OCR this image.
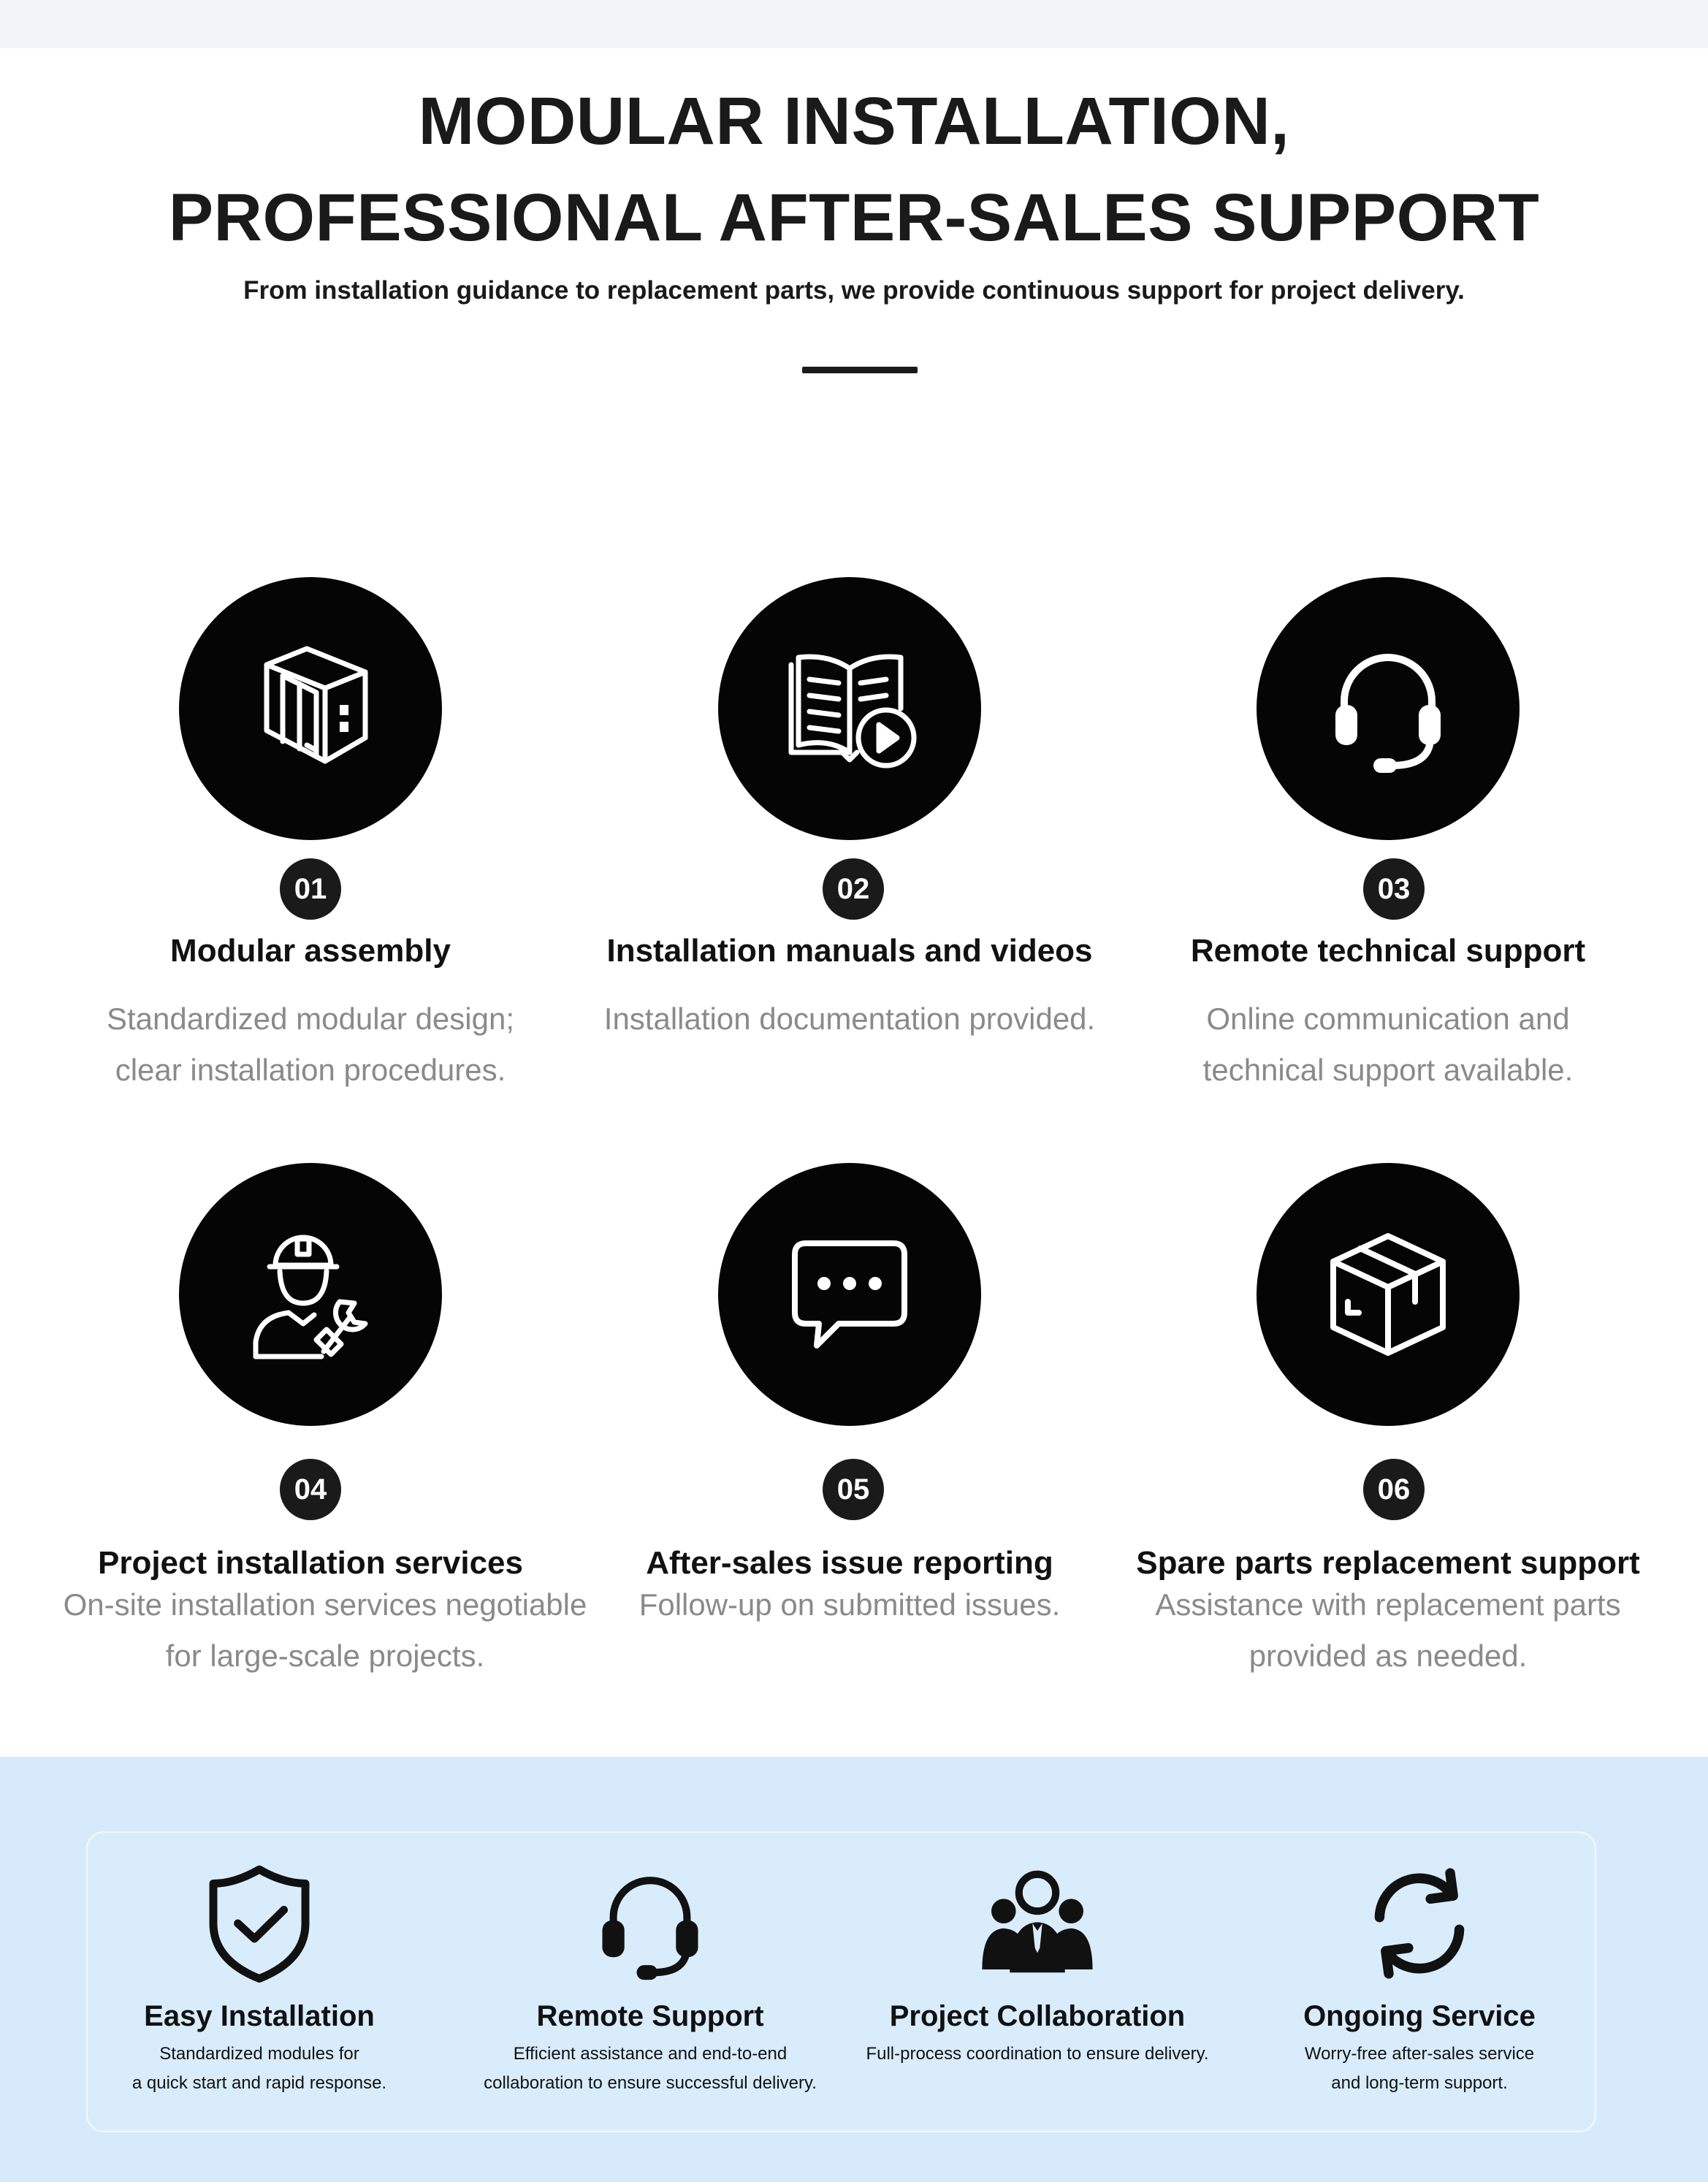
MODULAR INSTALLATION,
PROFESSIONAL AFTER-SALES SUPPORT

From installation guidance to replacement parts, we provide continuous support for project delivery.

01
Modular assembly
Standardized modular design;
clear installation procedures.
02
Installation manuals and videos
Installation documentation provided.
03
Remote technical support
Online communication and
technical support available.
04
Project installation services
On-site installation services negotiable
for large-scale projects.
05
After-sales issue reporting
Follow-up on submitted issues.
06
Spare parts replacement support
Assistance with replacement parts
provided as needed.
Easy Installation
Standardized modules for
a quick start and rapid response.
Remote Support
Efficient assistance and end-to-end
collaboration to ensure successful delivery.
Project Collaboration
Full-process coordination to ensure delivery.
Ongoing Service
Worry-free after-sales service
and long-term support.
